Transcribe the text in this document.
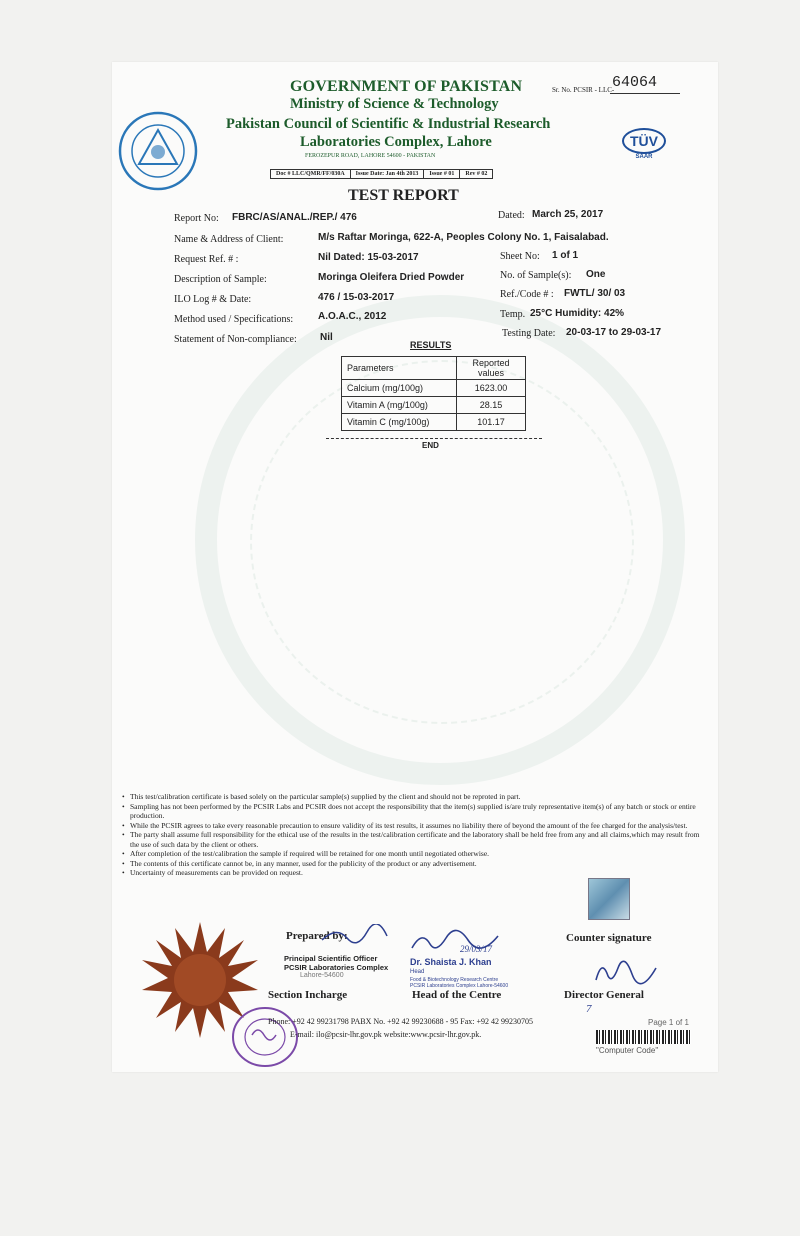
GOVERNMENT OF PAKISTAN
Ministry of Science & Technology
Pakistan Council of Scientific & Industrial Research
Laboratories Complex, Lahore
FEROZEPUR ROAD, LAHORE 54600 - PAKISTAN
Sr. No. PCSIR - LLC-
64064
TÜV
SAAR
Doc # LLC/QMR/FF/030A	Issue Date: Jan 4th 2013	Issue # 01	Rev # 02
TEST REPORT
Report No: FBRC/AS/ANAL./REP./ 476	Dated: March 25, 2017
Name & Address of Client:	M/s Raftar Moringa, 622-A, Peoples Colony No. 1, Faisalabad.
Request Ref. # :	Nil Dated: 15-03-2017	Sheet No: 1 of 1
Description of Sample:	Moringa Oleifera Dried Powder	No. of Sample(s): One
ILO Log # & Date:	476 / 15-03-2017	Ref./Code # : FWTL/ 30/ 03
Method used / Specifications: A.O.A.C., 2012	Temp. 25°C Humidity: 42%
Statement of Non-compliance: Nil	Testing Date: 20-03-17 to 29-03-17
RESULTS
Parameters	Reported values
Calcium (mg/100g)	1623.00
Vitamin A (mg/100g)	28.15
Vitamin C (mg/100g)	101.17
END
• This test/calibration certificate is based solely on the particular sample(s) supplied by the client and should not be reproted in part.
• Sampling has not been performed by the PCSIR Labs and PCSIR does not accept the responsibility that the item(s) supplied is/are truly representative item(s) of any batch or stock or entire production.
• While the PCSIR agrees to take every reasonable precaution to ensure validity of its test results, it assumes no liability there of beyond the amount of the fee charged for the analysis/test.
• The party shall assume full responsibility for the ethical use of the results in the test/calibration certificate and the laboratory shall be held free from any and all claims,which may result from the use of such data by the client or others.
• After completion of the test/calibration the sample if required will be retained for one month until negotiated otherwise.
• The contents of this certificate cannot be, in any manner, used for the publicity of the product or any advertisement.
• Uncertainty of measurements can be provided on request.
Prepared by:
Principal Scientific Officer
PCSIR Laboratories Complex
Lahore-54600
Section Incharge
29/03/17
Dr. Shaista J. Khan
Head
Food & Biotechnology Research Centre
PCSIR Laboratories Complex Lahore-54600
Head of the Centre
Counter signature
Director General
7
Phone: +92 42 99231798 PABX No. +92 42 99230688 - 95 Fax: +92 42 99230705
E-mail: ilo@pcsir-lhr.gov.pk website:www.pcsir-lhr.gov.pk.
Page 1 of 1
"Computer Code"
